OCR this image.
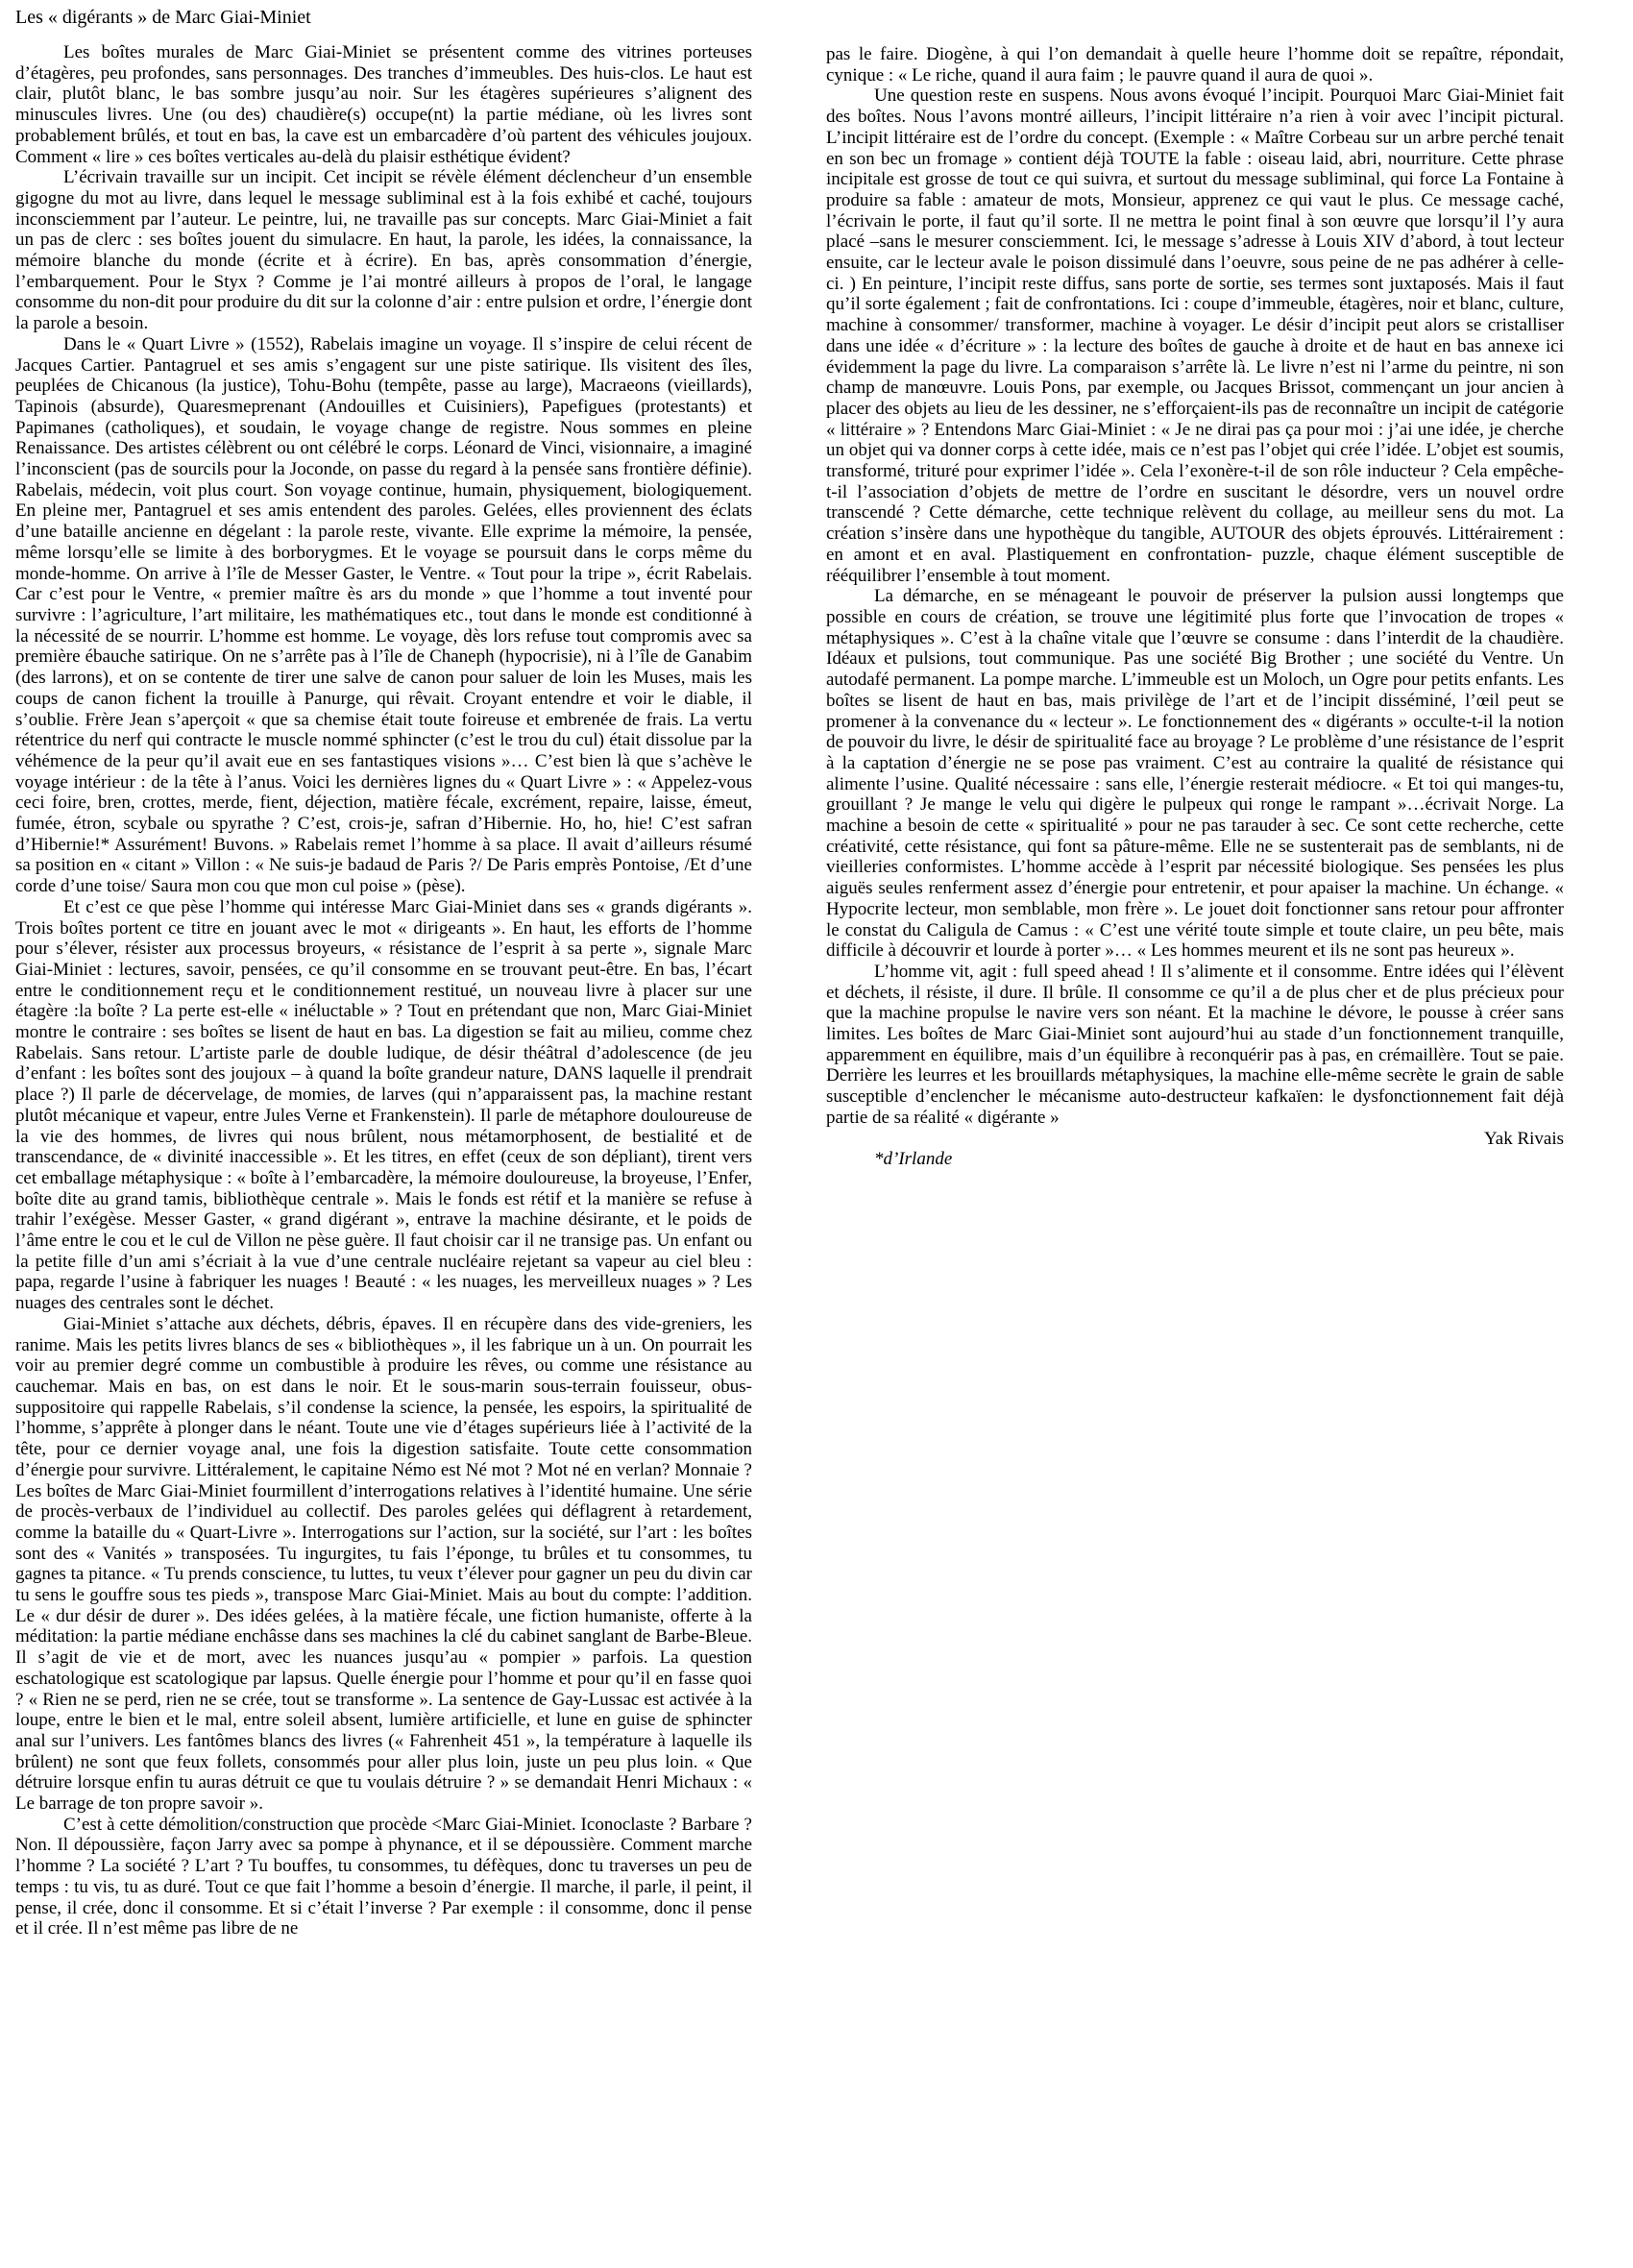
Les « digérants » de Marc Giai-Miniet

Les boîtes murales de Marc Giai-Miniet se présentent comme des vitrines porteuses d’étagères, peu profondes, sans personnages. Des tranches d’immeubles. Des huis-clos. Le haut est clair, plutôt blanc, le bas sombre jusqu’au noir. Sur les étagères supérieures s’alignent des minuscules livres. Une (ou des) chaudière(s) occupe(nt) la partie médiane, où les livres sont probablement brûlés, et tout en bas, la cave est un embarcadère d’où partent des véhicules joujoux. Comment « lire » ces boîtes verticales au-delà du plaisir esthétique évident?

L’écrivain travaille sur un incipit. Cet incipit se révèle élément déclencheur d’un ensemble gigogne du mot au livre, dans lequel le message subliminal est à la fois exhibé et caché, toujours inconsciemment par l’auteur. Le peintre, lui, ne travaille pas sur concepts. Marc Giai-Miniet a fait un pas de clerc : ses boîtes jouent du simulacre. En haut, la parole, les idées, la connaissance, la mémoire blanche du monde (écrite et à écrire). En bas, après consommation d’énergie, l’embarquement. Pour le Styx ? Comme je l’ai montré ailleurs à propos de l’oral, le langage consomme du non-dit pour produire du dit sur la colonne d’air : entre pulsion et ordre, l’énergie dont la parole a besoin.

Dans le « Quart Livre » (1552), Rabelais imagine un voyage. Il s’inspire de celui récent de Jacques Cartier. Pantagruel et ses amis s’engagent sur une piste satirique. Ils visitent des îles, peuplées de Chicanous (la justice), Tohu-Bohu (tempête, passe au large), Macraeons (vieillards), Tapinois (absurde), Quaresmeprenant (Andouilles et Cuisiniers), Papefigues (protestants) et Papimanes (catholiques), et soudain, le voyage change de registre. Nous sommes en pleine Renaissance. Des artistes célèbrent ou ont célébré le corps. Léonard de Vinci, visionnaire, a imaginé l’inconscient (pas de sourcils pour la Joconde, on passe du regard à la pensée sans frontière définie). Rabelais, médecin, voit plus court. Son voyage continue, humain, physiquement, biologiquement. En pleine mer, Pantagruel et ses amis entendent des paroles. Gelées, elles proviennent des éclats d’une bataille ancienne en dégelant : la parole reste, vivante. Elle exprime la mémoire, la pensée, même lorsqu’elle se limite à des borborygmes. Et le voyage se poursuit dans le corps même du monde-homme. On arrive à l’île de Messer Gaster, le Ventre. « Tout pour la tripe », écrit Rabelais. Car c’est pour le Ventre, « premier maître ès ars du monde » que l’homme a tout inventé pour survivre : l’agriculture, l’art militaire, les mathématiques etc., tout dans le monde est conditionné à la nécessité de se nourrir. L’homme est homme. Le voyage, dès lors refuse tout compromis avec sa première ébauche satirique. On ne s’arrête pas à l’île de Chaneph (hypocrisie), ni à l’île de Ganabim (des larrons), et on se contente de tirer une salve de canon pour saluer de loin les Muses, mais les coups de canon fichent la trouille à Panurge, qui rêvait. Croyant entendre et voir le diable, il s’oublie. Frère Jean s’aperçoit « que sa chemise était toute foireuse et embrenée de frais. La vertu rétentrice du nerf qui contracte le muscle nommé sphincter (c’est le trou du cul) était dissolue par la véhémence de la peur qu’il avait eue en ses fantastiques visions »… C’est bien là que s’achève le voyage intérieur : de la tête à l’anus. Voici les dernières lignes du « Quart Livre » : « Appelez-vous ceci foire, bren, crottes, merde, fient, déjection, matière fécale, excrément, repaire, laisse, émeut, fumée, étron, scybale ou spyrathe ? C’est, crois-je, safran d’Hibernie. Ho, ho, hie! C’est safran d’Hibernie!* Assurément! Buvons. » Rabelais remet l’homme à sa place. Il avait d’ailleurs résumé sa position en « citant » Villon : « Ne suis-je badaud de Paris ?/ De Paris emprès Pontoise, /Et d’une corde d’une toise/ Saura mon cou que mon cul poise » (pèse).

Et c’est ce que pèse l’homme qui intéresse Marc Giai-Miniet dans ses « grands digérants ». Trois boîtes portent ce titre en jouant avec le mot « dirigeants ». En haut, les efforts de l’homme pour s’élever, résister aux processus broyeurs, « résistance de l’esprit à sa perte », signale Marc Giai-Miniet : lectures, savoir, pensées, ce qu’il consomme en se trouvant peut-être. En bas, l’écart entre le conditionnement reçu et le conditionnement restitué, un nouveau livre à placer sur une étagère :la boîte ? La perte est-elle « inéluctable » ? Tout en prétendant que non, Marc Giai-Miniet montre le contraire : ses boîtes se lisent de haut en bas. La digestion se fait au milieu, comme chez Rabelais. Sans retour. L’artiste parle de double ludique, de désir théâtral d’adolescence (de jeu d’enfant : les boîtes sont des joujoux – à quand la boîte grandeur nature, DANS laquelle il prendrait place ?) Il parle de décervelage, de momies, de larves (qui n’apparaissent pas, la machine restant plutôt mécanique et vapeur, entre Jules Verne et Frankenstein). Il parle de métaphore douloureuse de la vie des hommes, de livres qui nous brûlent, nous métamorphosent, de bestialité et de transcendance, de « divinité inaccessible ». Et les titres, en effet (ceux de son dépliant), tirent vers cet emballage métaphysique : « boîte à l’embarcadère, la mémoire douloureuse, la broyeuse, l’Enfer, boîte dite au grand tamis, bibliothèque centrale ». Mais le fonds est rétif et la manière se refuse à trahir l’exégèse. Messer Gaster, « grand digérant », entrave la machine désirante, et le poids de l’âme entre le cou et le cul de Villon ne pèse guère. Il faut choisir car il ne transige pas. Un enfant ou la petite fille d’un ami s’écriait à la vue d’une centrale nucléaire rejetant sa vapeur au ciel bleu : papa, regarde l’usine à fabriquer les nuages ! Beauté : « les nuages, les merveilleux nuages » ? Les nuages des centrales sont le déchet.

Giai-Miniet s’attache aux déchets, débris, épaves. Il en récupère dans des vide-greniers, les ranime. Mais les petits livres blancs de ses « bibliothèques », il les fabrique un à un. On pourrait les voir au premier degré comme un combustible à produire les rêves, ou comme une résistance au cauchemar. Mais en bas, on est dans le noir. Et le sous-marin sous-terrain fouisseur, obus-suppositoire qui rappelle Rabelais, s’il condense la science, la pensée, les espoirs, la spiritualité de l’homme, s’apprête à plonger dans le néant. Toute une vie d’étages supérieurs liée à l’activité de la tête, pour ce dernier voyage anal, une fois la digestion satisfaite. Toute cette consommation d’énergie pour survivre. Littéralement, le capitaine Némo est Né mot ? Mot né en verlan? Monnaie ? Les boîtes de Marc Giai-Miniet fourmillent d’interrogations relatives à l’identité humaine. Une série de procès-verbaux de l’individuel au collectif. Des paroles gelées qui déflagrent à retardement, comme la bataille du « Quart-Livre ». Interrogations sur l’action, sur la société, sur l’art : les boîtes sont des « Vanités » transposées. Tu ingurgites, tu fais l’éponge, tu brûles et tu consommes, tu gagnes ta pitance. « Tu prends conscience, tu luttes, tu veux t’élever pour gagner un peu du divin car tu sens le gouffre sous tes pieds », transpose Marc Giai-Miniet. Mais au bout du compte: l’addition. Le « dur désir de durer ». Des idées gelées, à la matière fécale, une fiction humaniste, offerte à la méditation: la partie médiane enchâsse dans ses machines la clé du cabinet sanglant de Barbe-Bleue. Il s’agit de vie et de mort, avec les nuances jusqu’au « pompier » parfois. La question eschatologique est scatologique par lapsus. Quelle énergie pour l’homme et pour qu’il en fasse quoi ? « Rien ne se perd, rien ne se crée, tout se transforme ». La sentence de Gay-Lussac est activée à la loupe, entre le bien et le mal, entre soleil absent, lumière artificielle, et lune en guise de sphincter anal sur l’univers. Les fantômes blancs des livres (« Fahrenheit 451 », la température à laquelle ils brûlent) ne sont que feux follets, consommés pour aller plus loin, juste un peu plus loin. « Que détruire lorsque enfin tu auras détruit ce que tu voulais détruire ? » se demandait Henri Michaux : « Le barrage de ton propre savoir ».

C’est à cette démolition/construction que procède <Marc Giai-Miniet. Iconoclaste ? Barbare ? Non. Il dépoussière, façon Jarry avec sa pompe à phynance, et il se dépoussière. Comment marche l’homme ? La société ? L’art ? Tu bouffes, tu consommes, tu défèques, donc tu traverses un peu de temps : tu vis, tu as duré. Tout ce que fait l’homme a besoin d’énergie. Il marche, il parle, il peint, il pense, il crée, donc il consomme. Et si c’était l’inverse ? Par exemple : il consomme, donc il pense et il crée. Il n’est même pas libre de ne

pas le faire. Diogène, à qui l’on demandait à quelle heure l’homme doit se repaître, répondait, cynique : « Le riche, quand il aura faim ; le pauvre quand il aura de quoi ».

Une question reste en suspens. Nous avons évoqué l’incipit. Pourquoi Marc Giai-Miniet fait des boîtes. Nous l’avons montré ailleurs, l’incipit littéraire n’a rien à voir avec l’incipit pictural. L’incipit littéraire est de l’ordre du concept. (Exemple : « Maître Corbeau sur un arbre perché tenait en son bec un fromage » contient déjà TOUTE la fable : oiseau laid, abri, nourriture. Cette phrase incipitale est grosse de tout ce qui suivra, et surtout du message subliminal, qui force La Fontaine à produire sa fable : amateur de mots, Monsieur, apprenez ce qui vaut le plus. Ce message caché, l’écrivain le porte, il faut qu’il sorte. Il ne mettra le point final à son œuvre que lorsqu’il l’y aura placé –sans le mesurer consciemment. Ici, le message s’adresse à Louis XIV d’abord, à tout lecteur ensuite, car le lecteur avale le poison dissimulé dans l’oeuvre, sous peine de ne pas adhérer à celle-ci. ) En peinture, l’incipit reste diffus, sans porte de sortie, ses termes sont juxtaposés. Mais il faut qu’il sorte également ; fait de confrontations. Ici : coupe d’immeuble, étagères, noir et blanc, culture, machine à consommer/ transformer, machine à voyager. Le désir d’incipit peut alors se cristalliser dans une idée « d’écriture » : la lecture des boîtes de gauche à droite et de haut en bas annexe ici évidemment la page du livre. La comparaison s’arrête là. Le livre n’est ni l’arme du peintre, ni son champ de manœuvre. Louis Pons, par exemple, ou Jacques Brissot, commençant un jour ancien à placer des objets au lieu de les dessiner, ne s’efforçaient-ils pas de reconnaître un incipit de catégorie « littéraire » ? Entendons Marc Giai-Miniet : « Je ne dirai pas ça pour moi : j’ai une idée, je cherche un objet qui va donner corps à cette idée, mais ce n’est pas l’objet qui crée l’idée. L’objet est soumis, transformé, trituré pour exprimer l’idée ». Cela l’exonère-t-il de son rôle inducteur ? Cela empêche-t-il l’association d’objets de mettre de l’ordre en suscitant le désordre, vers un nouvel ordre transcendé ? Cette démarche, cette technique relèvent du collage, au meilleur sens du mot. La création s’insère dans une hypothèque du tangible, AUTOUR des objets éprouvés. Littérairement : en amont et en aval. Plastiquement en confrontation- puzzle, chaque élément susceptible de rééquilibrer l’ensemble à tout moment.

La démarche, en se ménageant le pouvoir de préserver la pulsion aussi longtemps que possible en cours de création, se trouve une légitimité plus forte que l’invocation de tropes « métaphysiques ». C’est à la chaîne vitale que l’œuvre se consume : dans l’interdit de la chaudière. Idéaux et pulsions, tout communique. Pas une société Big Brother ; une société du Ventre. Un autodafé permanent. La pompe marche. L’immeuble est un Moloch, un Ogre pour petits enfants. Les boîtes se lisent de haut en bas, mais privilège de l’art et de l’incipit disséminé, l’œil peut se promener à la convenance du « lecteur ». Le fonctionnement des « digérants » occulte-t-il la notion de pouvoir du livre, le désir de spiritualité face au broyage ? Le problème d’une résistance de l’esprit à la captation d’énergie ne se pose pas vraiment. C’est au contraire la qualité de résistance qui alimente l’usine. Qualité nécessaire : sans elle, l’énergie resterait médiocre. « Et toi qui manges-tu, grouillant ? Je mange le velu qui digère le pulpeux qui ronge le rampant »…écrivait Norge. La machine a besoin de cette « spiritualité » pour ne pas tarauder à sec. Ce sont cette recherche, cette créativité, cette résistance, qui font sa pâture-même. Elle ne se sustenterait pas de semblants, ni de vieilleries conformistes. L’homme accède à l’esprit par nécessité biologique. Ses pensées les plus aiguës seules renferment assez d’énergie pour entretenir, et pour apaiser la machine. Un échange. « Hypocrite lecteur, mon semblable, mon frère ». Le jouet doit fonctionner sans retour pour affronter le constat du Caligula de Camus : « C’est une vérité toute simple et toute claire, un peu bête, mais difficile à découvrir et lourde à porter »… « Les hommes meurent et ils ne sont pas heureux ».

L’homme vit, agit : full speed ahead ! Il s’alimente et il consomme. Entre idées qui l’élèvent et déchets, il résiste, il dure. Il brûle. Il consomme ce qu’il a de plus cher et de plus précieux pour que la machine propulse le navire vers son néant. Et la machine le dévore, le pousse à créer sans limites. Les boîtes de Marc Giai-Miniet sont aujourd’hui au stade d’un fonctionnement tranquille, apparemment en équilibre, mais d’un équilibre à reconquérir pas à pas, en crémaillère. Tout se paie. Derrière les leurres et les brouillards métaphysiques, la machine elle-même secrète le grain de sable susceptible d’enclencher le mécanisme auto-destructeur kafkaïen: le dysfonctionnement fait déjà partie de sa réalité « digérante »

Yak Rivais

*d’Irlande
